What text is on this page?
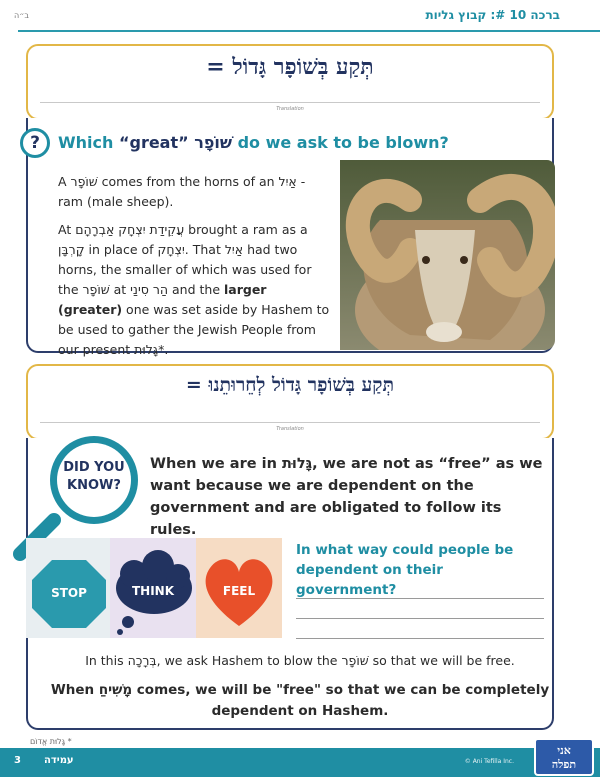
ב״ה	ברכה 10 #: קבוץ גליות
תְּקַע בְּשׁוֹפָר גָּדוֹל =
Translation
?	Which “great” שׁוֹפָר do we ask to be blown?
A שׁוֹפָר comes from the horns of an אַיִל - ram (male sheep).
At עֲקֵידַת יִצְחָק אַבְרָהָם brought a ram as a קָרְבָּן in place of יִצְחָק. That אַיִל had two horns, the smaller of which was used for the שׁוֹפָר at הַר סִינַי and the larger (greater) one was set aside by Hashem to be used to gather the Jewish People from our present גָּלוּת*.
תְּקַע בְּשׁוֹפָר גָּדוֹל לְחֵרוּתֵנוּ =
Translation
DID YOU
KNOW?
When we are in גָּלוּת, we are not as “free” as we want because we are dependent on the government and are obligated to follow its rules.
STOP	THINK	FEEL
In what way could people be dependent on their government?
In this בְּרָכָה, we ask Hashem to blow the שׁוֹפָר so that we will be free.
When מָשִׁיחַ comes, we will be "free" so that we can be completely dependent on Hashem.
* גָּלוּת אֱדוֹם
3 עמידה	© Ani Tefilla Inc.
אני
תפלה
